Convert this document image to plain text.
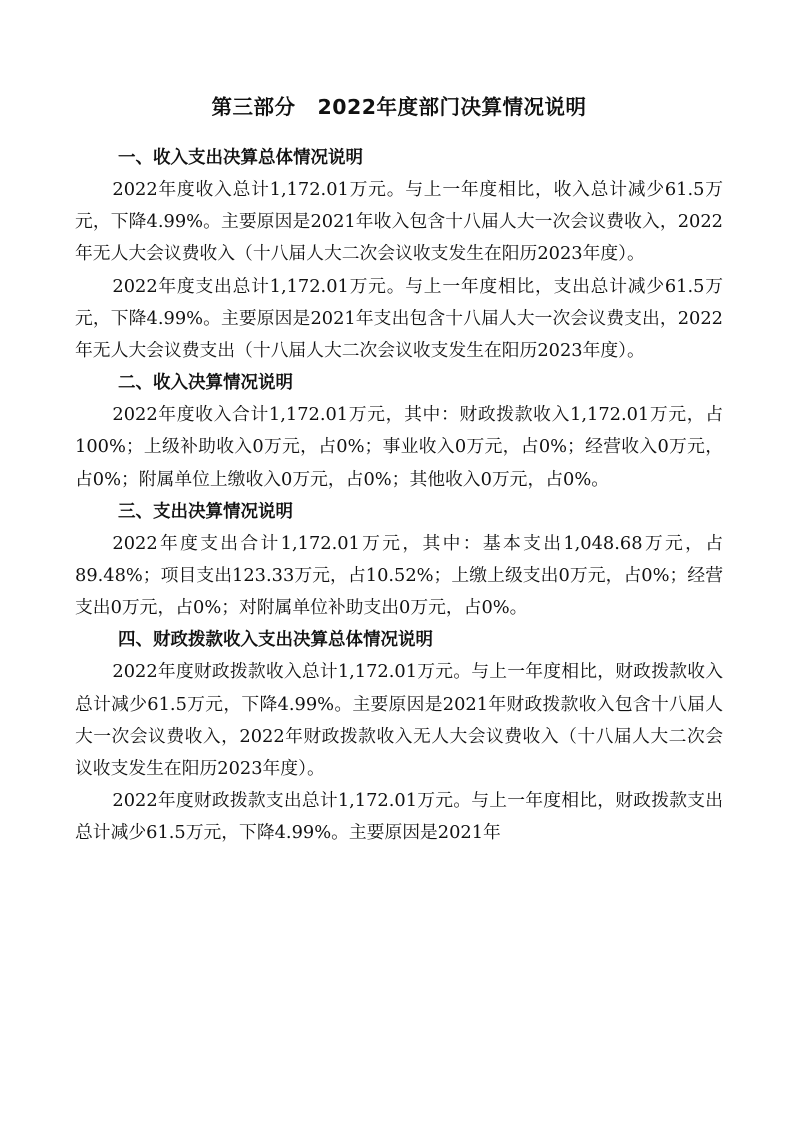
第三部分 2022年度部门决算情况说明
一、收入支出决算总体情况说明

2022年度收入总计1,172.01万元。与上一年度相比，收入总计减少61.5万元，下降4.99%。主要原因是2021年收入包含十八届人大一次会议费收入，2022年无人大会议费收入（十八届人大二次会议收支发生在阳历2023年度）。

2022年度支出总计1,172.01万元。与上一年度相比，支出总计减少61.5万元，下降4.99%。主要原因是2021年支出包含十八届人大一次会议费支出，2022年无人大会议费支出（十八届人大二次会议收支发生在阳历2023年度）。

二、收入决算情况说明

2022年度收入合计1,172.01万元，其中：财政拨款收入1,172.01万元，占100%；上级补助收入0万元，占0%；事业收入0万元，占0%；经营收入0万元，占0%；附属单位上缴收入0万元，占0%；其他收入0万元，占0%。

三、支出决算情况说明

2022年度支出合计1,172.01万元，其中：基本支出1,048.68万元，占89.48%；项目支出123.33万元，占10.52%；上缴上级支出0万元，占0%；经营支出0万元，占0%；对附属单位补助支出0万元，占0%。

四、财政拨款收入支出决算总体情况说明

2022年度财政拨款收入总计1,172.01万元。与上一年度相比，财政拨款收入总计减少61.5万元，下降4.99%。主要原因是2021年财政拨款收入包含十八届人大一次会议费收入，2022年财政拨款收入无人大会议费收入（十八届人大二次会议收支发生在阳历2023年度）。

2022年度财政拨款支出总计1,172.01万元。与上一年度相比，财政拨款支出总计减少61.5万元，下降4.99%。主要原因是2021年
